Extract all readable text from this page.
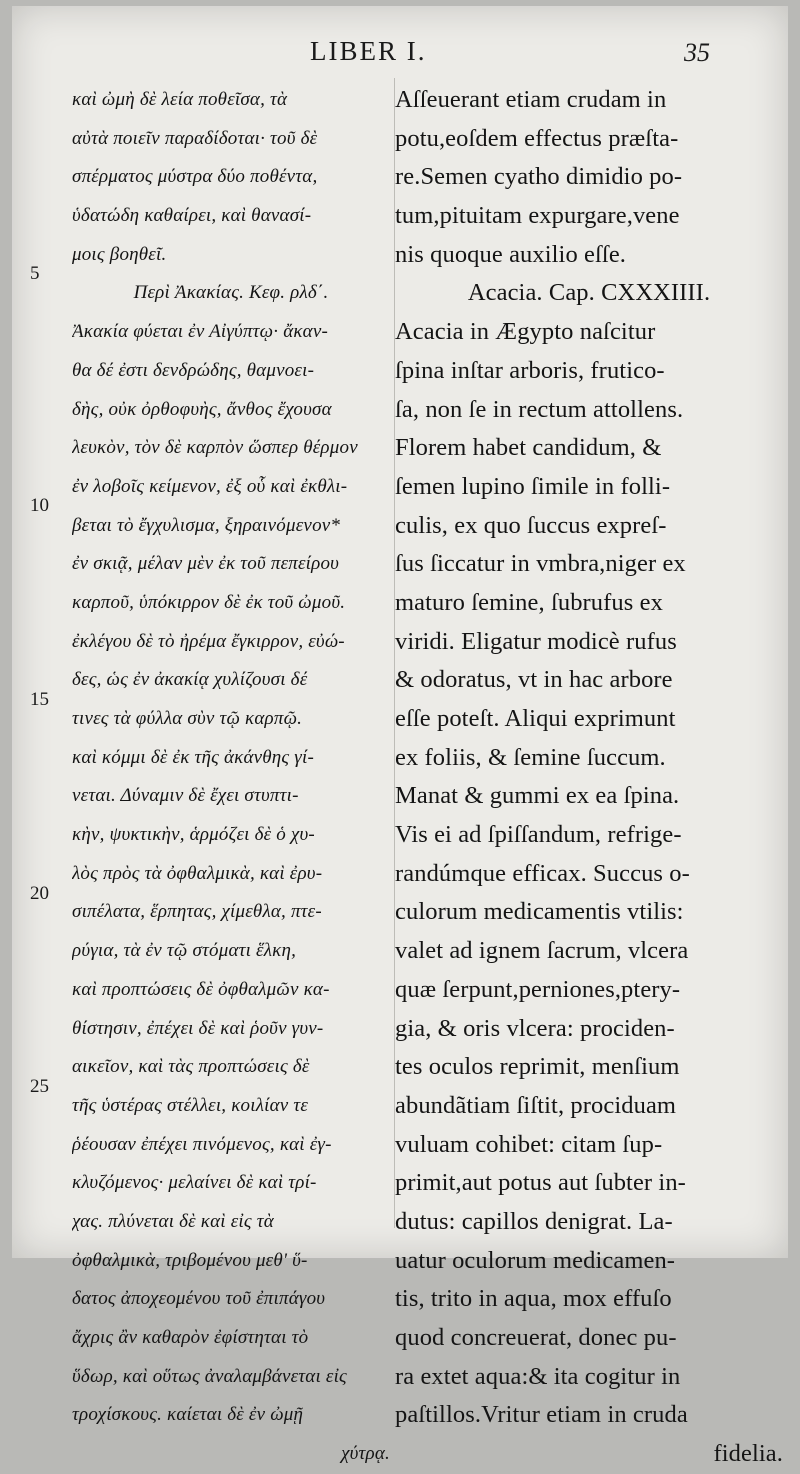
LIBER I.	35
5
10
15
20
25
καὶ ὠμὴ δὲ λεία ποθεῖσα, τὰ
αὐτὰ ποιεῖν παραδίδοται· τοῦ δὲ
σπέρματος μύστρα δύο ποθέντα,
ὑδατώδη καθαίρει, καὶ θανασί-
μοις βοηθεῖ.
Περὶ Ἀκακίας. Κεφ. ρλδ΄.
Ἀκακία φύεται ἐν Αἰγύπτῳ· ἄκαν-
θα δέ ἐστι δενδρώδης, θαμνοει-
δὴς, οὐκ ὀρθοφυὴς, ἄνθος ἔχουσα
λευκὸν, τὸν δὲ καρπὸν ὥσπερ θέρμον
ἐν λοβοῖς κείμενον, ἐξ οὗ καὶ ἐκθλι-
βεται τὸ ἔγχυλισμα, ξηραινόμενον*
ἐν σκιᾷ, μέλαν μὲν ἐκ τοῦ πεπείρου
καρποῦ, ὑπόκιρρον δὲ ἐκ τοῦ ὠμοῦ.
ἐκλέγου δὲ τὸ ἠρέμα ἔγκιρρον, εὐώ-
δες, ὡς ἐν ἀκακίᾳ χυλίζουσι δέ
τινες τὰ φύλλα σὺν τῷ καρπῷ.
καὶ κόμμι δὲ ἐκ τῆς ἀκάνθης γί-
νεται. Δύναμιν δὲ ἔχει στυπτι-
κὴν, ψυκτικὴν, ἁρμόζει δὲ ὁ χυ-
λὸς πρὸς τὰ ὀφθαλμικὰ, καὶ ἐρυ-
σιπέλατα, ἕρπητας, χίμεθλα, πτε-
ρύγια, τὰ ἐν τῷ στόματι ἕλκη,
καὶ προπτώσεις δὲ ὀφθαλμῶν κα-
θίστησιν, ἐπέχει δὲ καὶ ῥοῦν γυν-
αικεῖον, καὶ τὰς προπτώσεις δὲ
τῆς ὑστέρας στέλλει, κοιλίαν τε
ῥέουσαν ἐπέχει πινόμενος, καὶ ἐγ-
κλυζόμενος· μελαίνει δὲ καὶ τρί-
χας. πλύνεται δὲ καὶ εἰς τὰ
ὀφθαλμικὰ, τριβομένου μεθ' ὕ-
δατος ἀποχεομένου τοῦ ἐπιπάγου
ἄχρις ἂν καθαρὸν ἐφίστηται τὸ
ὕδωρ, καὶ οὕτως ἀναλαμβάνεται εἰς
τροχίσκους. καίεται δὲ ἐν ὠμῇ
χύτρᾳ.
Aſſeuerant etiam crudam in
potu,eoſdem effectus præſta-
re.Semen cyatho dimidio po-
tum,pituitam expurgare,vene
nis quoque auxilio eſſe.
Acacia. Cap. CXXXIIII.
Acacia in Ægypto naſcitur
ſpina inſtar arboris, frutico-
ſa, non ſe in rectum attollens.
Florem habet candidum, &
ſemen lupino ſimile in folli-
culis, ex quo ſuccus expreſ-
ſus ſiccatur in vmbra,niger ex
maturo ſemine, ſubrufus ex
viridi. Eligatur modicè rufus
& odoratus, vt in hac arbore
eſſe poteſt. Aliqui exprimunt
ex foliis, & ſemine ſuccum.
Manat & gummi ex ea ſpina.
Vis ei ad ſpiſſandum, refrige-
randúmque efficax. Succus o-
culorum medicamentis vtilis:
valet ad ignem ſacrum, vlcera
quæ ſerpunt,perniones,ptery-
gia, & oris vlcera: prociden-
tes oculos reprimit, menſium
abundãtiam ſiſtit, prociduam
vuluam cohibet: citam ſup-
primit,aut potus aut ſubter in-
dutus: capillos denigrat. La-
uatur oculorum medicamen-
tis, trito in aqua, mox effuſo
quod concreuerat, donec pu-
ra extet aqua:& ita cogitur in
paſtillos.Vritur etiam in cruda
fidelia.
